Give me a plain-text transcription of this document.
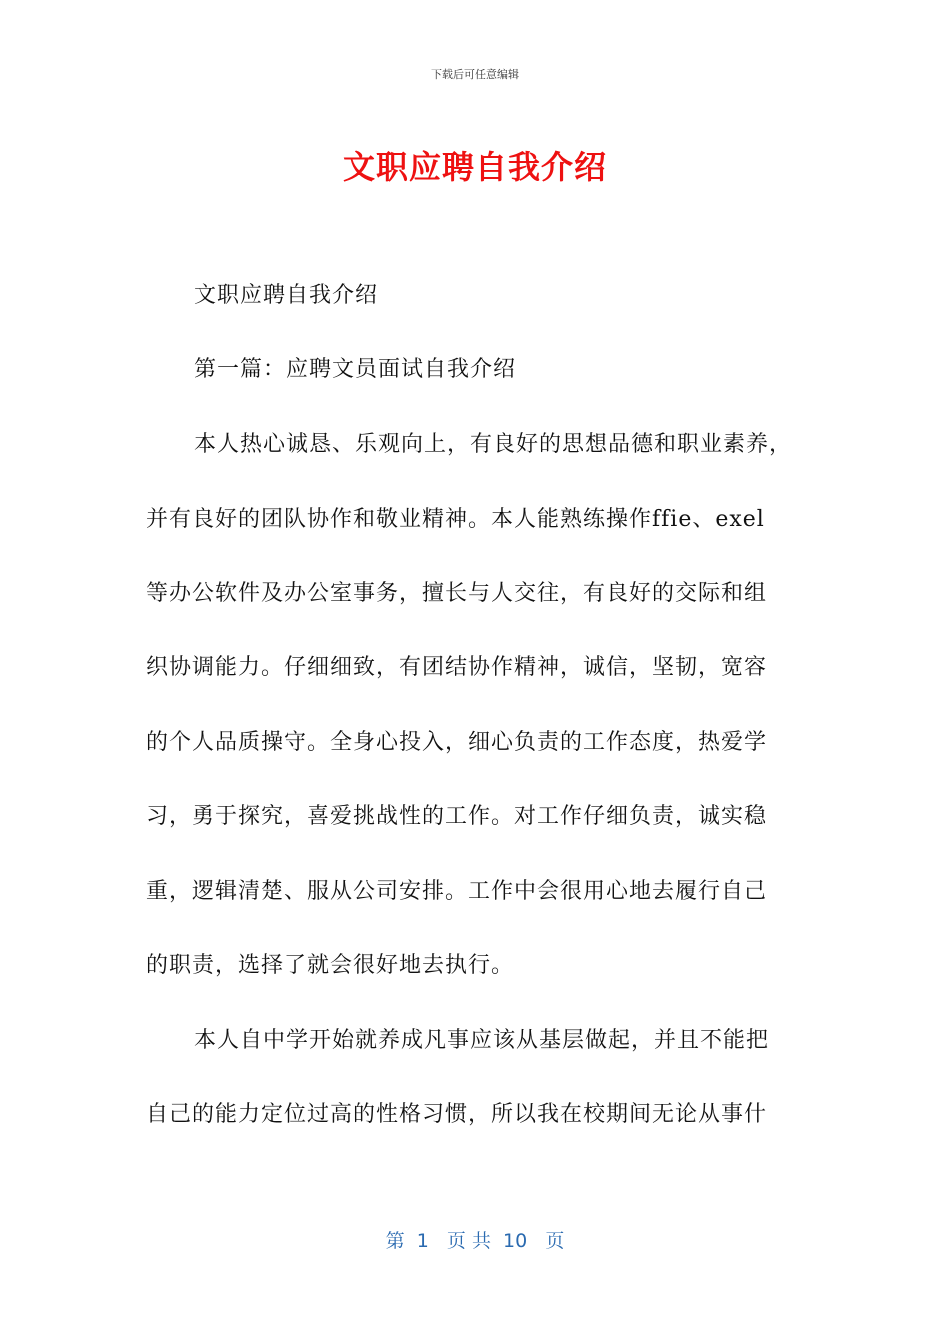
下载后可任意编辑
文职应聘自我介绍
文职应聘自我介绍
第一篇：应聘文员面试自我介绍
本人热心诚恳、乐观向上，有良好的思想品德和职业素养，
并有良好的团队协作和敬业精神。本人能熟练操作ffie、exel
等办公软件及办公室事务，擅长与人交往，有良好的交际和组
织协调能力。仔细细致，有团结协作精神，诚信，坚韧，宽容
的个人品质操守。全身心投入，细心负责的工作态度，热爱学
习，勇于探究，喜爱挑战性的工作。对工作仔细负责，诚实稳
重，逻辑清楚、服从公司安排。工作中会很用心地去履行自己
的职责，选择了就会很好地去执行。
本人自中学开始就养成凡事应该从基层做起，并且不能把
自己的能力定位过高的性格习惯，所以我在校期间无论从事什
第  1   页 共  10   页
